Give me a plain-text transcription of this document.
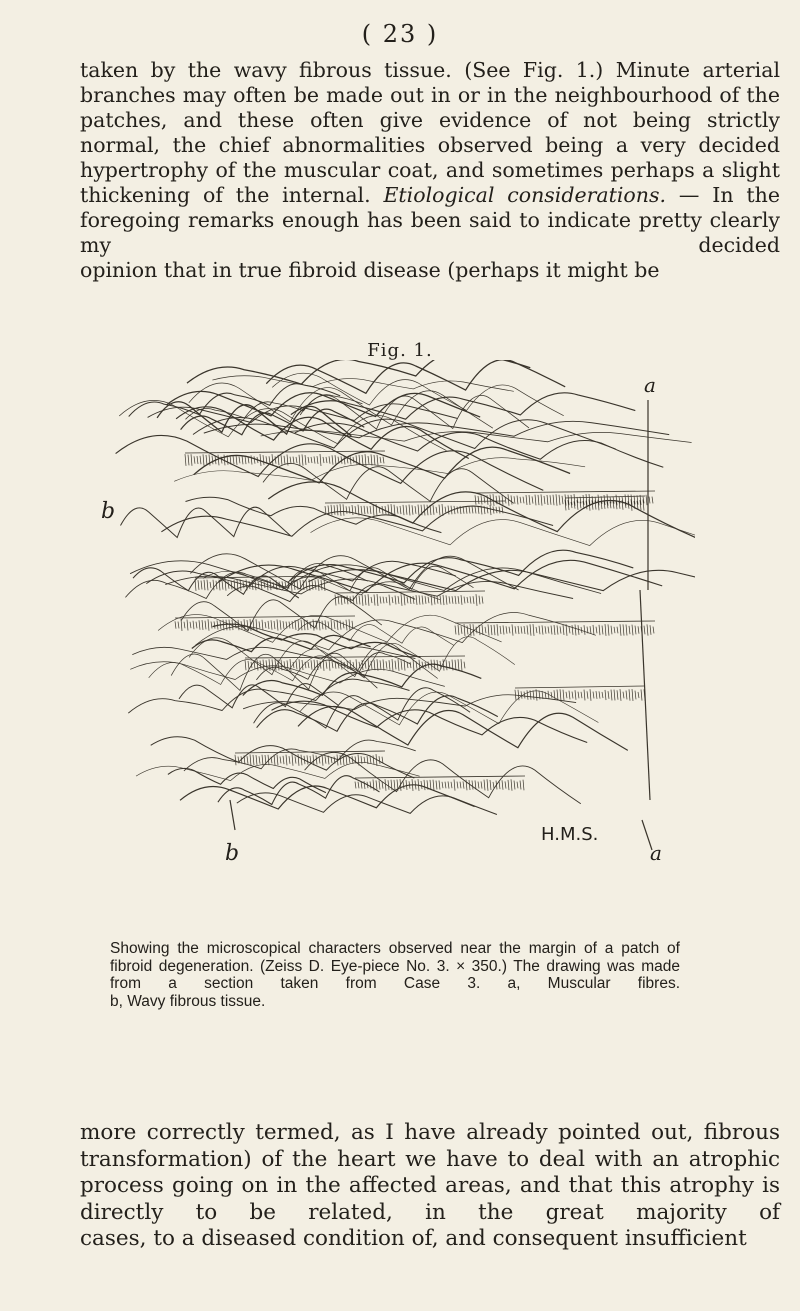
( 23 )

taken by the wavy fibrous tissue. (See Fig. 1.) Minute arterial branches may often be made out in or in the neighbourhood of the patches, and these often give evidence of not being strictly normal, the chief abnormalities observed being a very decided hypertrophy of the muscular coat, and sometimes perhaps a slight thickening of the internal. Etiological considerations. — In the foregoing remarks enough has been said to indicate pretty clearly my decided
opinion that in true fibroid disease (perhaps it might be

Fig. 1.
a
b
b	a
H.M.S.

Showing the microscopical characters observed near the margin of a patch of fibroid degeneration. (Zeiss D. Eye-piece No. 3. × 350.) The drawing was made from a section taken from Case 3. a, Muscular fibres.
b, Wavy fibrous tissue.

more correctly termed, as I have already pointed out, fibrous transformation) of the heart we have to deal with an atrophic process going on in the affected areas, and that this atrophy is directly to be related, in the great majority of
cases, to a diseased condition of, and consequent insufficient
